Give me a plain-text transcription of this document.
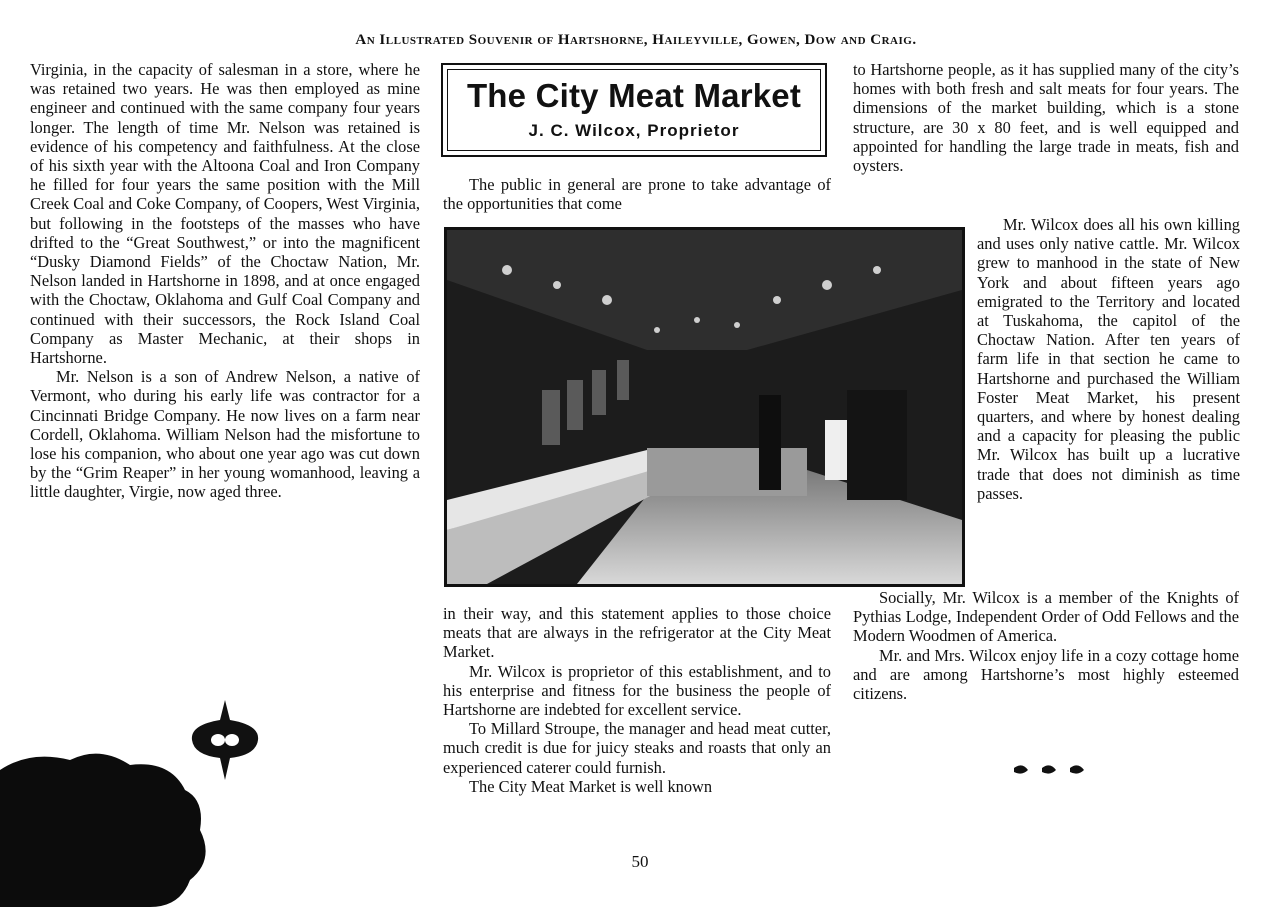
An Illustrated Souvenir of Hartshorne, Haileyville, Gowen, Dow and Craig.

Virginia, in the capacity of salesman in a store, where he was retained two years. He was then employed as mine engineer and continued with the same company four years longer. The length of time Mr. Nelson was retained is evidence of his competency and faithfulness. At the close of his sixth year with the Altoona Coal and Iron Company he filled for four years the same position with the Mill Creek Coal and Coke Company, of Coopers, West Virginia, but following in the footsteps of the masses who have drifted to the “Great Southwest,” or into the magnificent “Dusky Diamond Fields” of the Choctaw Nation, Mr. Nelson landed in Hartshorne in 1898, and at once engaged with the Choctaw, Oklahoma and Gulf Coal Company and continued with their successors, the Rock Island Coal Company as Master Mechanic, at their shops in Hartshorne.

Mr. Nelson is a son of Andrew Nelson, a native of Vermont, who during his early life was contractor for a Cincinnati Bridge Company. He now lives on a farm near Cordell, Oklahoma. William Nelson had the misfortune to lose his companion, who about one year ago was cut down by the “Grim Reaper” in her young womanhood, leaving a little daughter, Virgie, now aged three.

The City Meat Market
J. C. Wilcox, Proprietor

The public in general are prone to take advantage of the opportunities that come

in their way, and this statement applies to those choice meats that are always in the refrigerator at the City Meat Market.

Mr. Wilcox is proprietor of this establishment, and to his enterprise and fitness for the business the people of Hartshorne are indebted for excellent service.

To Millard Stroupe, the manager and head meat cutter, much credit is due for juicy steaks and roasts that only an experienced caterer could furnish.

The City Meat Market is well known

to Hartshorne people, as it has supplied many of the city’s homes with both fresh and salt meats for four years. The dimensions of the market building, which is a stone structure, are 30 x 80 feet, and is well equipped and appointed for handling the large trade in meats, fish and oysters.

Mr. Wilcox does all his own killing and uses only native cattle. Mr. Wilcox grew to manhood in the state of New York and about fifteen years ago emigrated to the Territory and located at Tuskahoma, the capitol of the Choctaw Nation. After ten years of farm life in that section he came to Hartshorne and purchased the William Foster Meat Market, his present quarters, and where by honest dealing and a capacity for pleasing the public Mr. Wilcox has built up a lucrative trade that does not diminish as time passes.

Socially, Mr. Wilcox is a member of the Knights of Pythias Lodge, Independent Order of Odd Fellows and the Modern Woodmen of America.

Mr. and Mrs. Wilcox enjoy life in a cozy cottage home and are among Hartshorne’s most highly esteemed citizens.

50
